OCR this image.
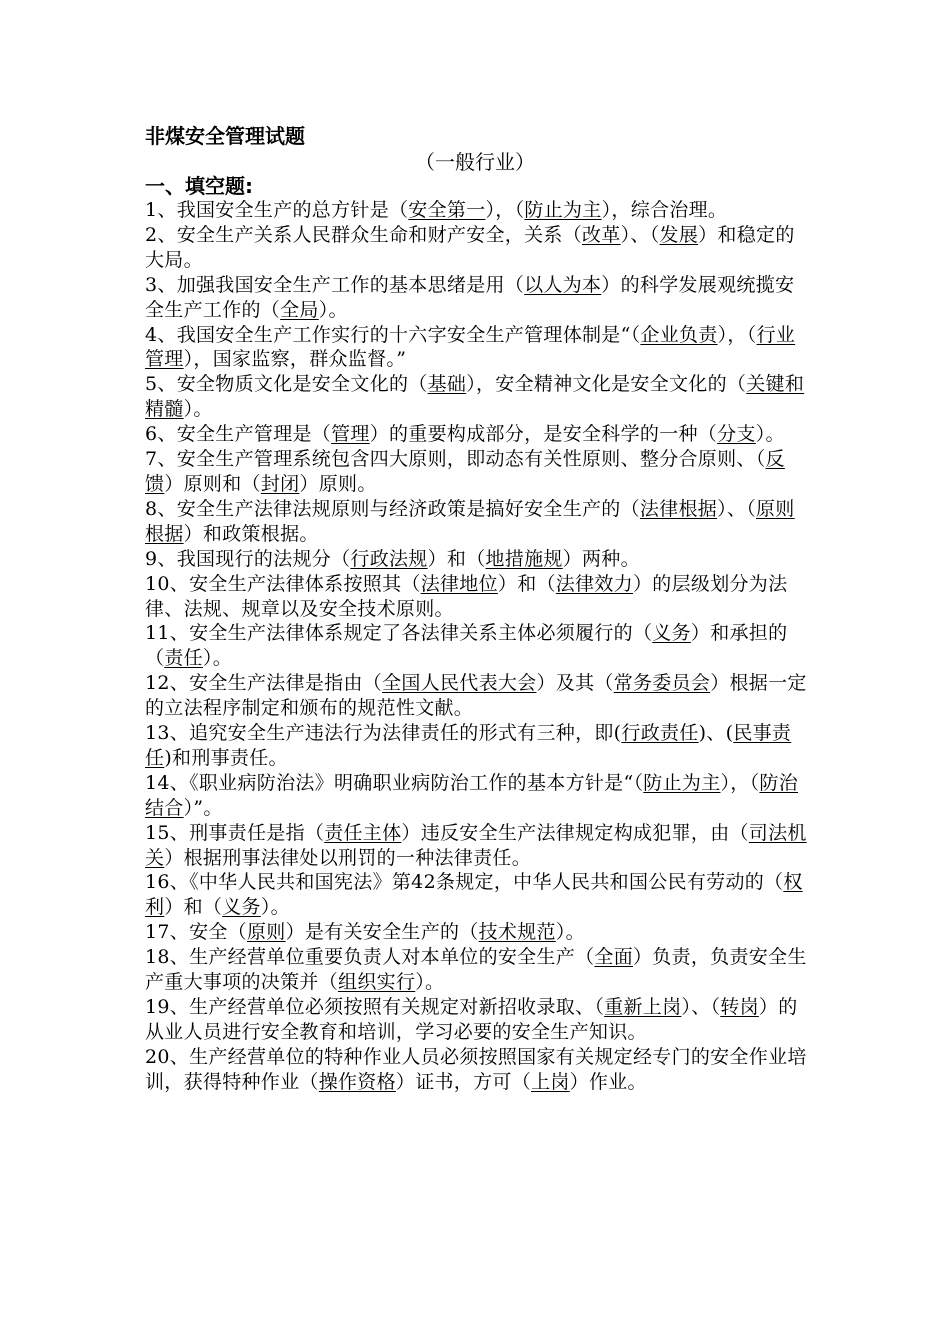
非煤安全管理试题
（一般行业）
一、填空题:

1、我国安全生产的总方针是（安全第一），（防止为主），综合治理。

2、安全生产关系人民群众生命和财产安全，关系（改革）、（发展）和稳定的大局。

3、加强我国安全生产工作的基本思绪是用（以人为本）的科学发展观统揽安全生产工作的（全局）。

4、我国安全生产工作实行的十六字安全生产管理体制是“（企业负责），（行业管理），国家监察，群众监督。”

5、安全物质文化是安全文化的（基础），安全精神文化是安全文化的（关键和精髓）。

6、安全生产管理是（管理）的重要构成部分，是安全科学的一种（分支）。

7、安全生产管理系统包含四大原则，即动态有关性原则、整分合原则、（反馈）原则和（封闭）原则。

8、安全生产法律法规原则与经济政策是搞好安全生产的（法律根据）、（原则根据）和政策根据。

9、我国现行的法规分（行政法规）和（地措施规）两种。

10、安全生产法律体系按照其（法律地位）和（法律效力）的层级划分为法律、法规、规章以及安全技术原则。

11、安全生产法律体系规定了各法律关系主体必须履行的（义务）和承担的（责任）。

12、安全生产法律是指由（全国人民代表大会）及其（常务委员会）根据一定的立法程序制定和颁布的规范性文献。

13、追究安全生产违法行为法律责任的形式有三种，即(行政责任)、(民事责任)和刑事责任。

14、《职业病防治法》明确职业病防治工作的基本方针是“（防止为主），（防治结合）”。

15、刑事责任是指（责任主体）违反安全生产法律规定构成犯罪，由（司法机关）根据刑事法律处以刑罚的一种法律责任。

16、《中华人民共和国宪法》第42条规定，中华人民共和国公民有劳动的（权利）和（义务）。

17、安全（原则）是有关安全生产的（技术规范）。

18、生产经营单位重要负责人对本单位的安全生产（全面）负责，负责安全生产重大事项的决策并（组织实行）。

19、生产经营单位必须按照有关规定对新招收录取、（重新上岗）、（转岗）的从业人员进行安全教育和培训，学习必要的安全生产知识。

20、生产经营单位的特种作业人员必须按照国家有关规定经专门的安全作业培训，获得特种作业（操作资格）证书，方可（上岗）作业。
